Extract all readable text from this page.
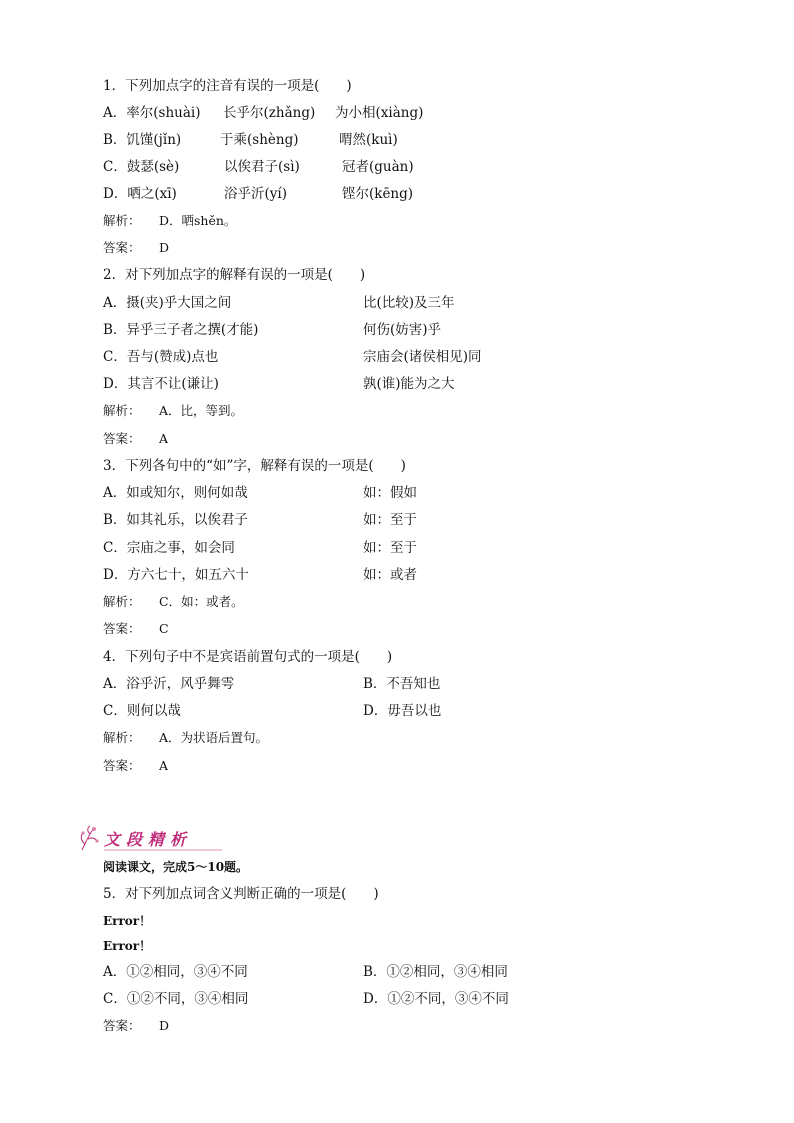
1．下列加点字的注音有误的一项是(　　)
A．率尔(shuài) 长乎尔(zhǎng) 为小相(xiàng)
B．饥馑(jǐn)	于乘(shèng)	喟然(kuì)
C．鼓瑟(sè)	以俟君子(sì)	冠者(guàn)
D．哂之(xī)	浴乎沂(yí)	铿尔(kēng)
解析： D．哂shěn。
答案： D
2．对下列加点字的解释有误的一项是(　　)
A．摄(夹)乎大国之间	比(比较)及三年
B．异乎三子者之撰(才能)	何伤(妨害)乎
C．吾与(赞成)点也	宗庙会(诸侯相见)同
D．其言不让(谦让)	孰(谁)能为之大
解析： A．比，等到。
答案： A
3．下列各句中的“如”字，解释有误的一项是(　　)
A．如或知尔，则何如哉	如：假如
B．如其礼乐，以俟君子	如：至于
C．宗庙之事，如会同	如：至于
D．方六七十，如五六十	如：或者
解析： C．如：或者。
答案： C
4．下列句子中不是宾语前置句式的一项是(　　)
A．浴乎沂，风乎舞雩	B．不吾知也
C．则何以哉	D．毋吾以也
解析： A．为状语后置句。
答案： A
文段精析
阅读课文，完成5～10题。
5．对下列加点词含义判断正确的一项是(　　)
Error！
Error！
A．①②相同，③④不同	B．①②相同，③④相同
C．①②不同，③④相同	D．①②不同，③④不同
答案： D
